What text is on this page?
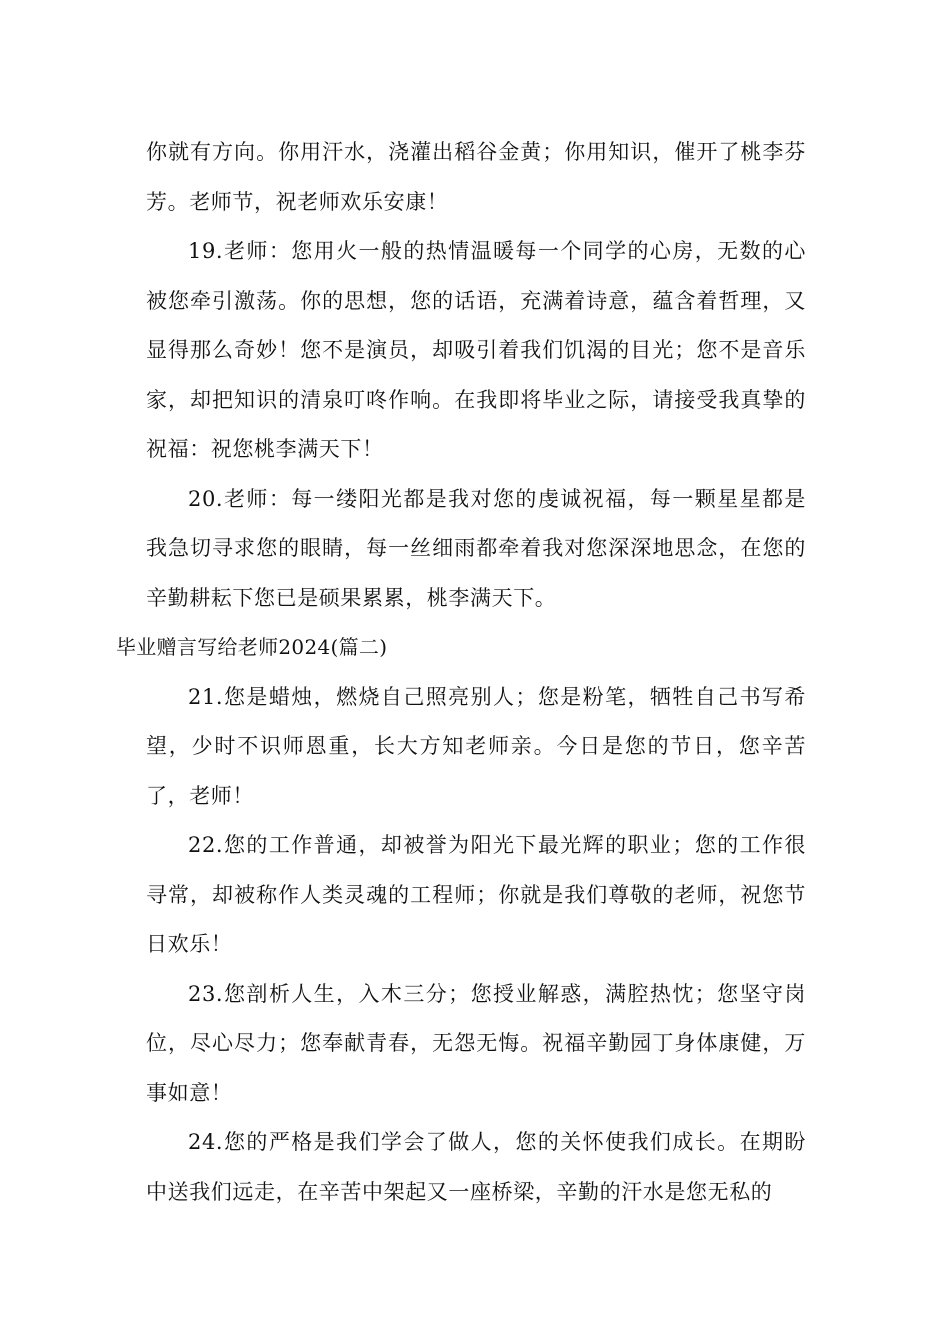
你就有方向。你用汗水，浇灌出稻谷金黄；你用知识，催开了桃李芬芳。老师节，祝老师欢乐安康！

19.老师：您用火一般的热情温暖每一个同学的心房，无数的心被您牵引激荡。你的思想，您的话语，充满着诗意，蕴含着哲理，又显得那么奇妙！您不是演员，却吸引着我们饥渴的目光；您不是音乐家，却把知识的清泉叮咚作响。在我即将毕业之际，请接受我真挚的祝福：祝您桃李满天下！

20.老师：每一缕阳光都是我对您的虔诚祝福，每一颗星星都是我急切寻求您的眼睛，每一丝细雨都牵着我对您深深地思念，在您的辛勤耕耘下您已是硕果累累，桃李满天下。

毕业赠言写给老师2024(篇二)

21.您是蜡烛，燃烧自己照亮别人；您是粉笔，牺牲自己书写希望，少时不识师恩重，长大方知老师亲。今日是您的节日，您辛苦了，老师！

22.您的工作普通，却被誉为阳光下最光辉的职业；您的工作很寻常，却被称作人类灵魂的工程师；你就是我们尊敬的老师，祝您节日欢乐！

23.您剖析人生，入木三分；您授业解惑，满腔热忱；您坚守岗位，尽心尽力；您奉献青春，无怨无悔。祝福辛勤园丁身体康健，万事如意！

24.您的严格是我们学会了做人，您的关怀使我们成长。在期盼中送我们远走，在辛苦中架起又一座桥梁，辛勤的汗水是您无私的
